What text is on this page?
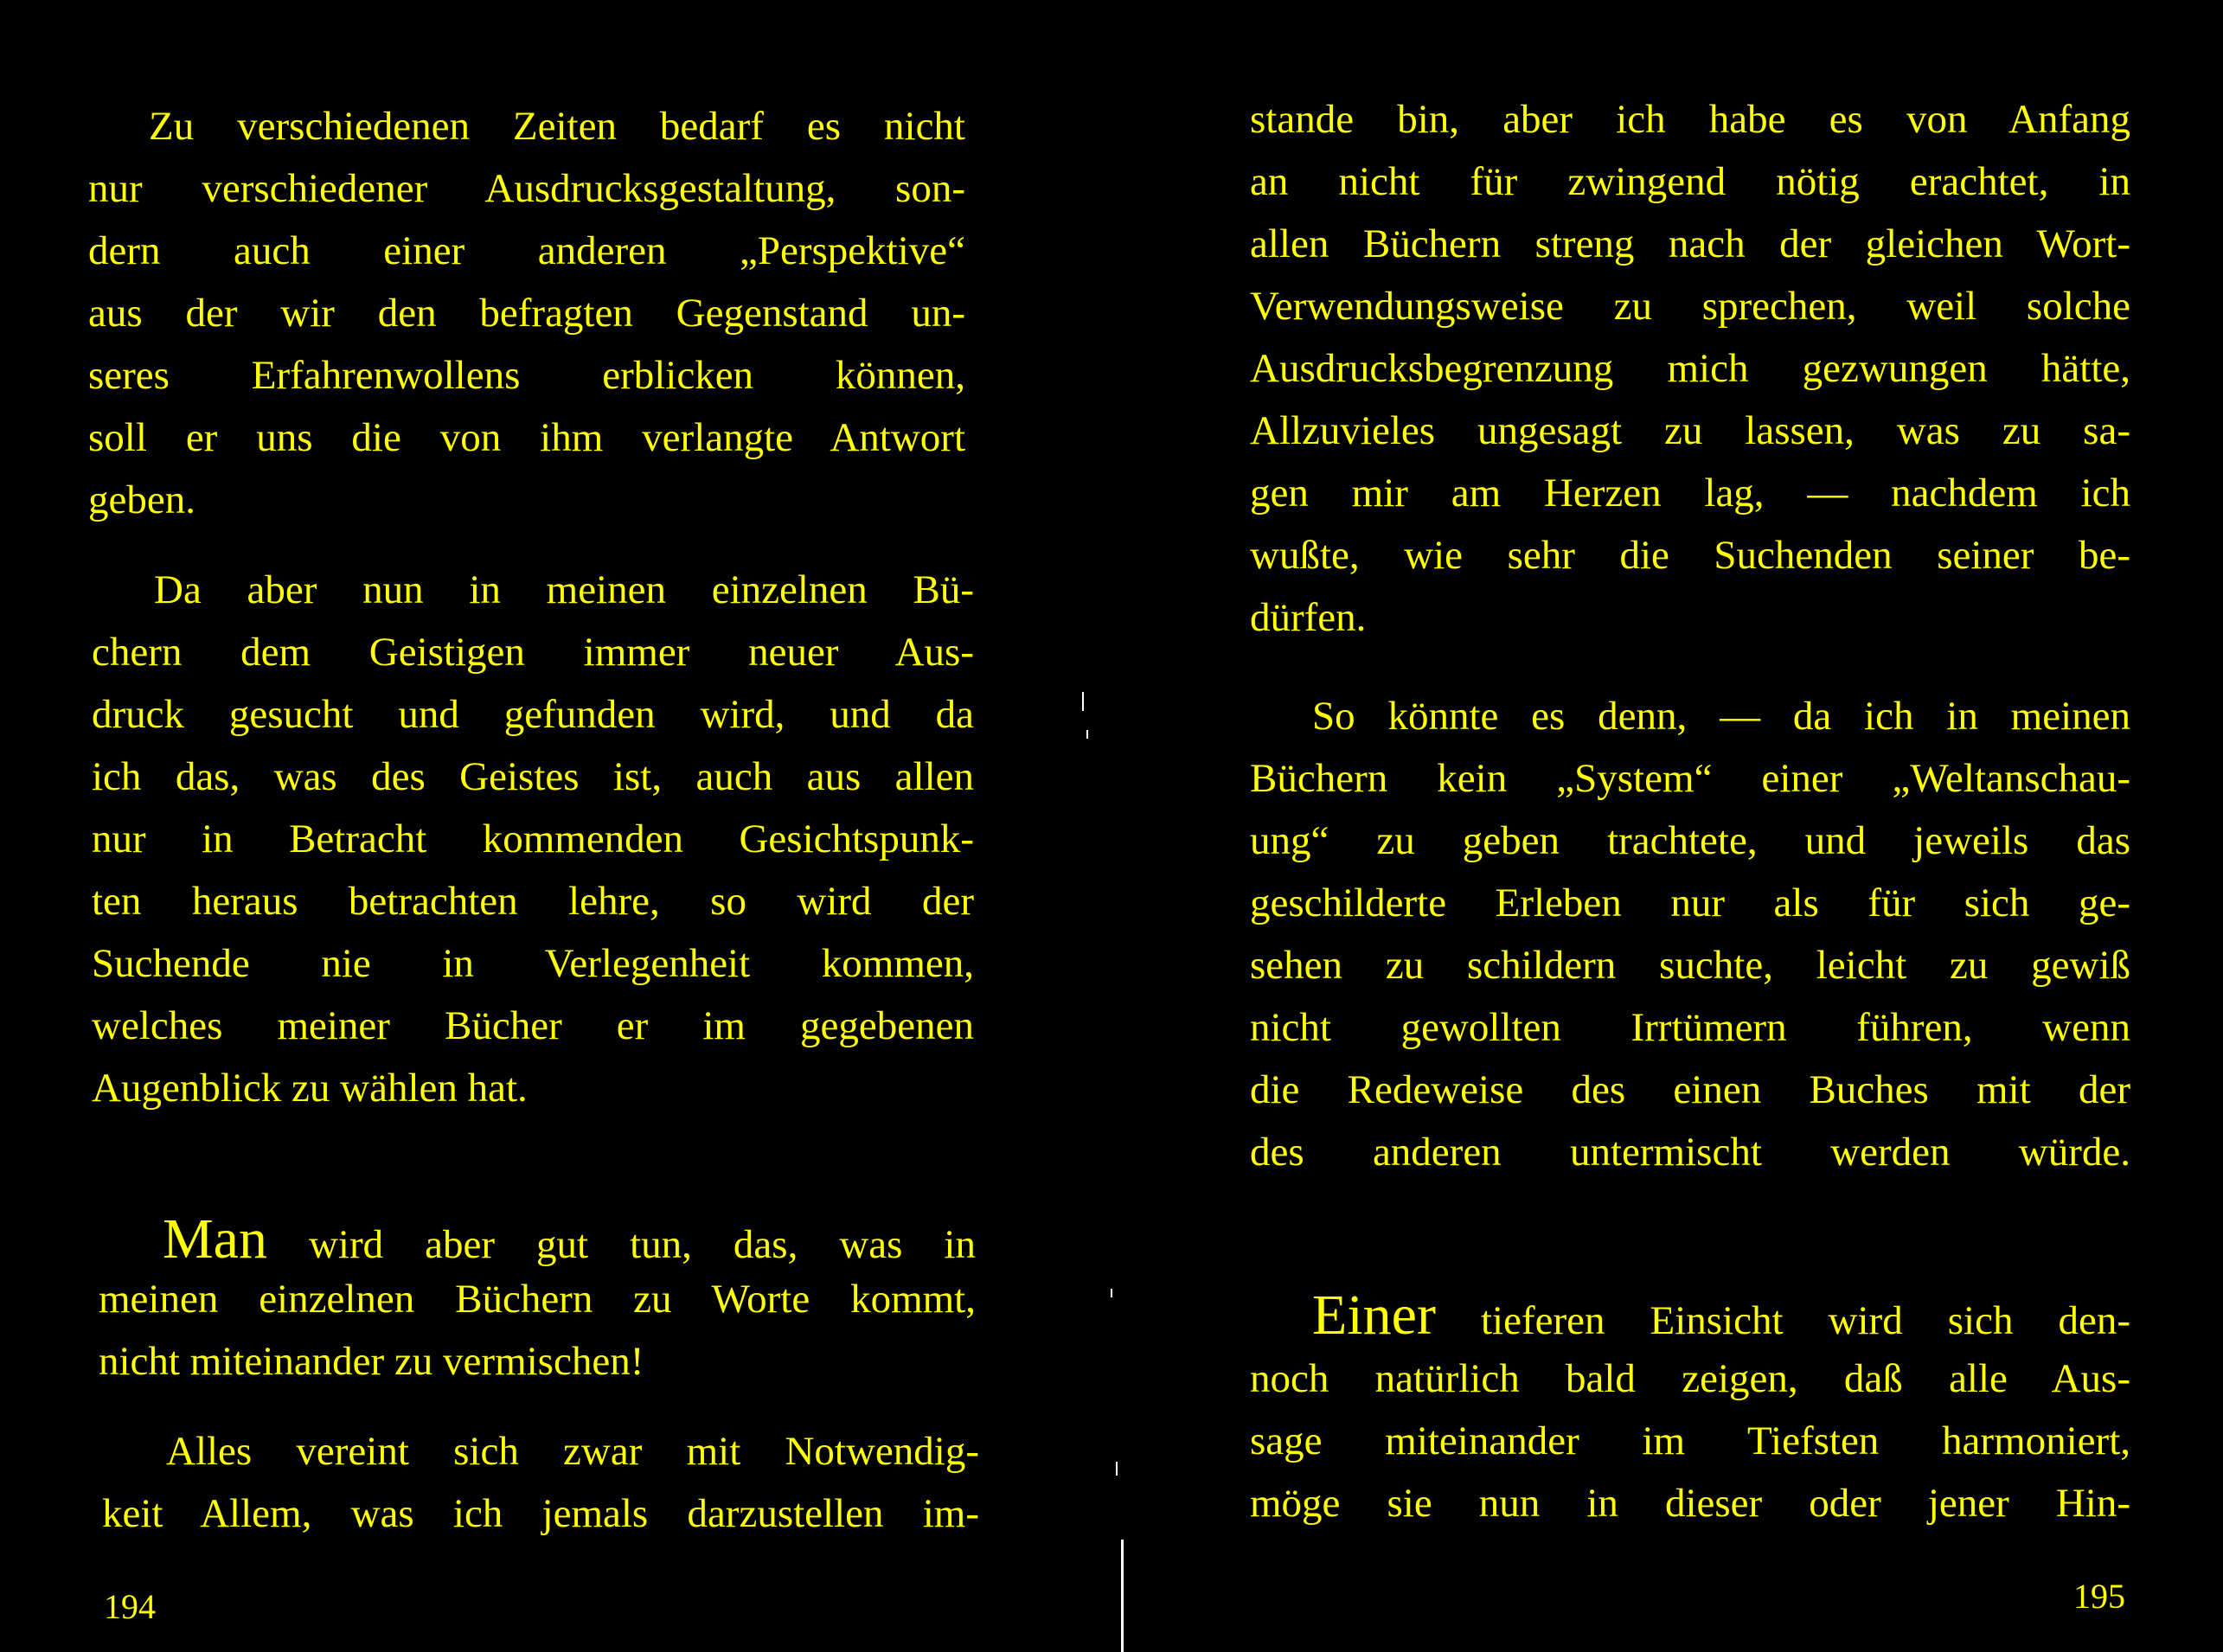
Zu verschiedenen Zeiten bedarf es nicht
nur verschiedener Ausdrucksgestaltung, son-
dern auch einer anderen „Perspektive“
aus der wir den befragten Gegenstand un-
seres Erfahrenwollens erblicken können,
soll er uns die von ihm verlangte Antwort
geben.
Da aber nun in meinen einzelnen Bü-
chern dem Geistigen immer neuer Aus-
druck gesucht und gefunden wird, und da
ich das, was des Geistes ist, auch aus allen
nur in Betracht kommenden Gesichtspunk-
ten heraus betrachten lehre, so wird der
Suchende nie in Verlegenheit kommen,
welches meiner Bücher er im gegebenen
Augenblick zu wählen hat.
Man wird aber gut tun, das, was in
meinen einzelnen Büchern zu Worte kommt,
nicht miteinander zu vermischen!
Alles vereint sich zwar mit Notwendig-
keit Allem, was ich jemals darzustellen im-
194
stande bin, aber ich habe es von Anfang
an nicht für zwingend nötig erachtet, in
allen Büchern streng nach der gleichen Wort-
Verwendungsweise zu sprechen, weil solche
Ausdrucksbegrenzung mich gezwungen hätte,
Allzuvieles ungesagt zu lassen, was zu sa-
gen mir am Herzen lag, — nachdem ich
wußte, wie sehr die Suchenden seiner be-
dürfen.
So könnte es denn, — da ich in meinen
Büchern kein „System“ einer „Weltanschau-
ung“ zu geben trachtete, und jeweils das
geschilderte Erleben nur als für sich ge-
sehen zu schildern suchte, leicht zu gewiß
nicht gewollten Irrtümern führen, wenn
die Redeweise des einen Buches mit der
des anderen untermischt werden würde.
Einer tieferen Einsicht wird sich den-
noch natürlich bald zeigen, daß alle Aus-
sage miteinander im Tiefsten harmoniert,
möge sie nun in dieser oder jener Hin-
195
